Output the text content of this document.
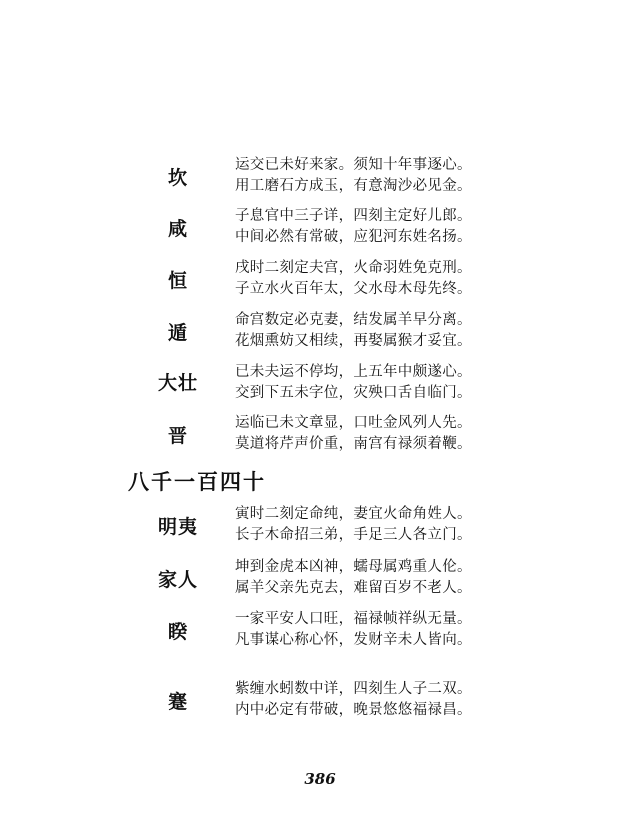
坎
运交已未好来家。须知十年事逐心。
用工磨石方成玉，有意淘沙必见金。
咸
子息官中三子详，四刻主定好儿郎。
中间必然有常破，应犯河东姓名扬。
恒
戌时二刻定夫宫，火命羽姓免克刑。
子立水火百年太，父水母木母先终。
遁
命宫数定必克妻，结发属羊早分离。
花烟熏妨又相续，再娶属猴才妥宜。
大壮	已未夫运不停均，上五年中颇遂心。
交到下五未字位，灾殃口舌自临门。
晋
运临已未文章显，口吐金风列人先。
莫道将芹声价重，南宫有禄须着鞭。
八千一百四十
明夷
寅时二刻定命纯，妻宜火命角姓人。
长子木命招三弟，手足三人各立门。
家人
坤到金虎本凶神，蠕母属鸡重人伦。
属羊父亲先克去，难留百岁不老人。
睽
一家平安人口旺，福禄帧祥纵无量。
凡事谋心称心怀，发财辛未人皆向。
蹇
紫缠水蚓数中详，四刻生人子二双。
内中必定有带破，晚景悠悠福禄昌。
386
